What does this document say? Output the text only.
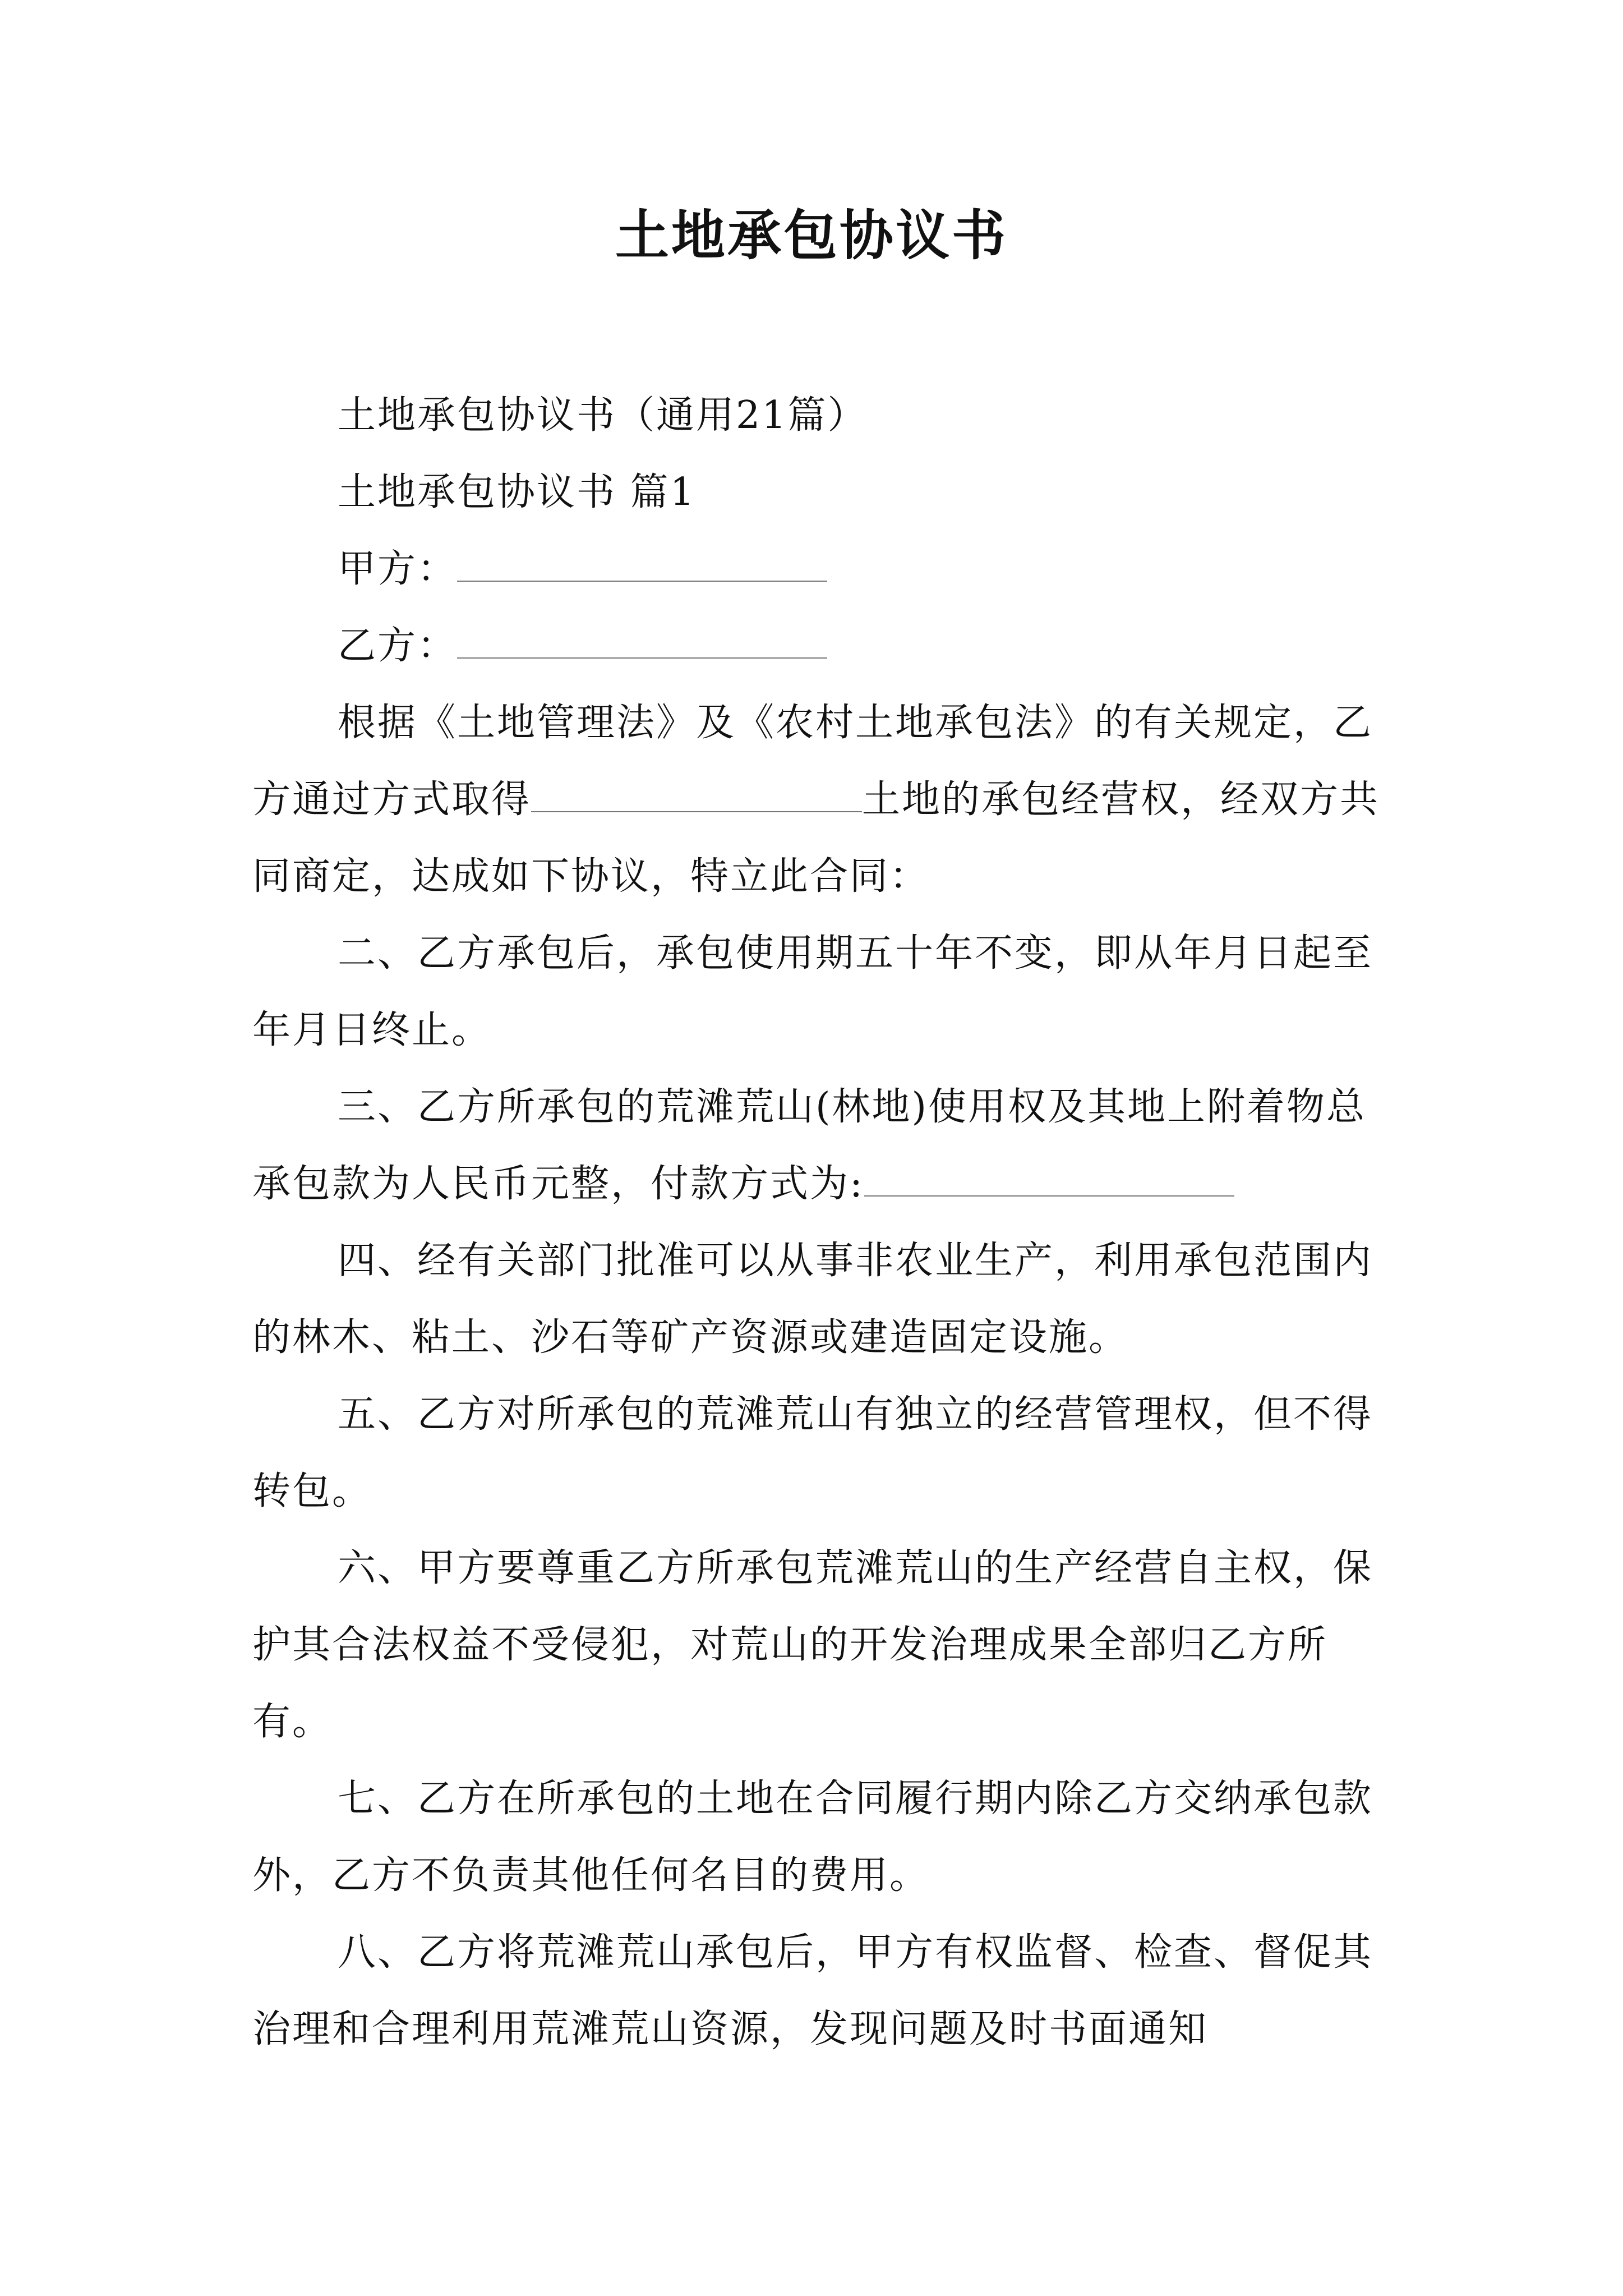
土地承包协议书

土地承包协议书（通用21篇）

土地承包协议书 篇1

甲方：

乙方：

根据《土地管理法》及《农村土地承包法》的有关规定，乙方通过方式取得	土地的承包经营权，经双方共同商定，达成如下协议，特立此合同：

二、乙方承包后，承包使用期五十年不变，即从年月日起至年月日终止。

三、乙方所承包的荒滩荒山(林地)使用权及其地上附着物总承包款为人民币元整，付款方式为:

四、经有关部门批准可以从事非农业生产，利用承包范围内的林木、粘土、沙石等矿产资源或建造固定设施。

五、乙方对所承包的荒滩荒山有独立的经营管理权，但不得转包。

六、甲方要尊重乙方所承包荒滩荒山的生产经营自主权，保护其合法权益不受侵犯，对荒山的开发治理成果全部归乙方所有。

七、乙方在所承包的土地在合同履行期内除乙方交纳承包款外，乙方不负责其他任何名目的费用。

八、乙方将荒滩荒山承包后，甲方有权监督、检查、督促其治理和合理利用荒滩荒山资源，发现问题及时书面通知
